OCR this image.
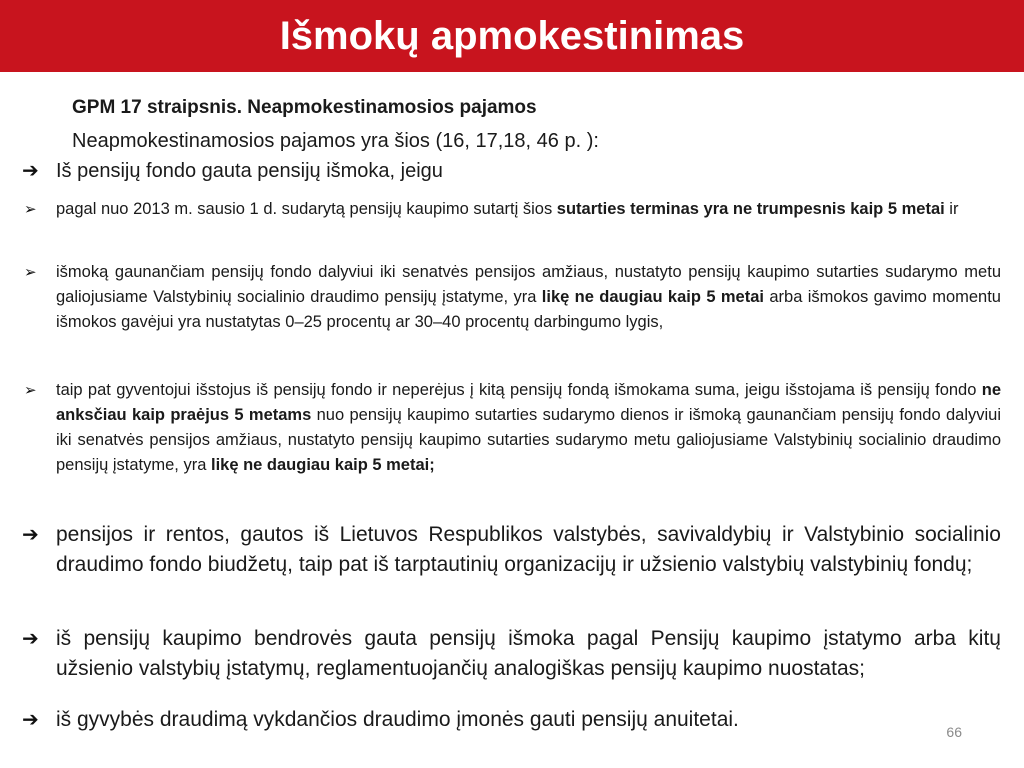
Išmokų apmokestinimas
GPM 17 straipsnis. Neapmokestinamosios pajamos
Neapmokestinamosios pajamos yra šios (16, 17,18, 46 p. ):
➔ Iš pensijų fondo gauta pensijų išmoka, jeigu
➢ pagal nuo 2013 m. sausio 1 d. sudarytą pensijų kaupimo sutartį šios sutarties terminas yra ne trumpesnis kaip 5 metai ir
➢ išmoką gaunančiam pensijų fondo dalyviui iki senatvės pensijos amžiaus, nustatyto pensijų kaupimo sutarties sudarymo metu galiojusiame Valstybinių socialinio draudimo pensijų įstatyme, yra likę ne daugiau kaip 5 metai arba išmokos gavimo momentu išmokos gavėjui yra nustatytas 0–25 procentų ar 30–40 procentų darbingumo lygis,
➢ taip pat gyventojui išstojus iš pensijų fondo ir neperėjus į kitą pensijų fondą išmokama suma, jeigu išstojama iš pensijų fondo ne anksčiau kaip praėjus 5 metams nuo pensijų kaupimo sutarties sudarymo dienos ir išmoką gaunančiam pensijų fondo dalyviui iki senatvės pensijos amžiaus, nustatyto pensijų kaupimo sutarties sudarymo metu galiojusiame Valstybinių socialinio draudimo pensijų įstatyme, yra likę ne daugiau kaip 5 metai;
➔ pensijos ir rentos, gautos iš Lietuvos Respublikos valstybės, savivaldybių ir Valstybinio socialinio draudimo fondo biudžetų, taip pat iš tarptautinių organizacijų ir užsienio valstybių valstybinių fondų;
➔ iš pensijų kaupimo bendrovės gauta pensijų išmoka pagal Pensijų kaupimo įstatymo arba kitų užsienio valstybių įstatymų, reglamentuojančių analogiškas pensijų kaupimo nuostatas;
➔ iš gyvybės draudimą vykdančios draudimo įmonės gauti pensijų anuitetai.
66
